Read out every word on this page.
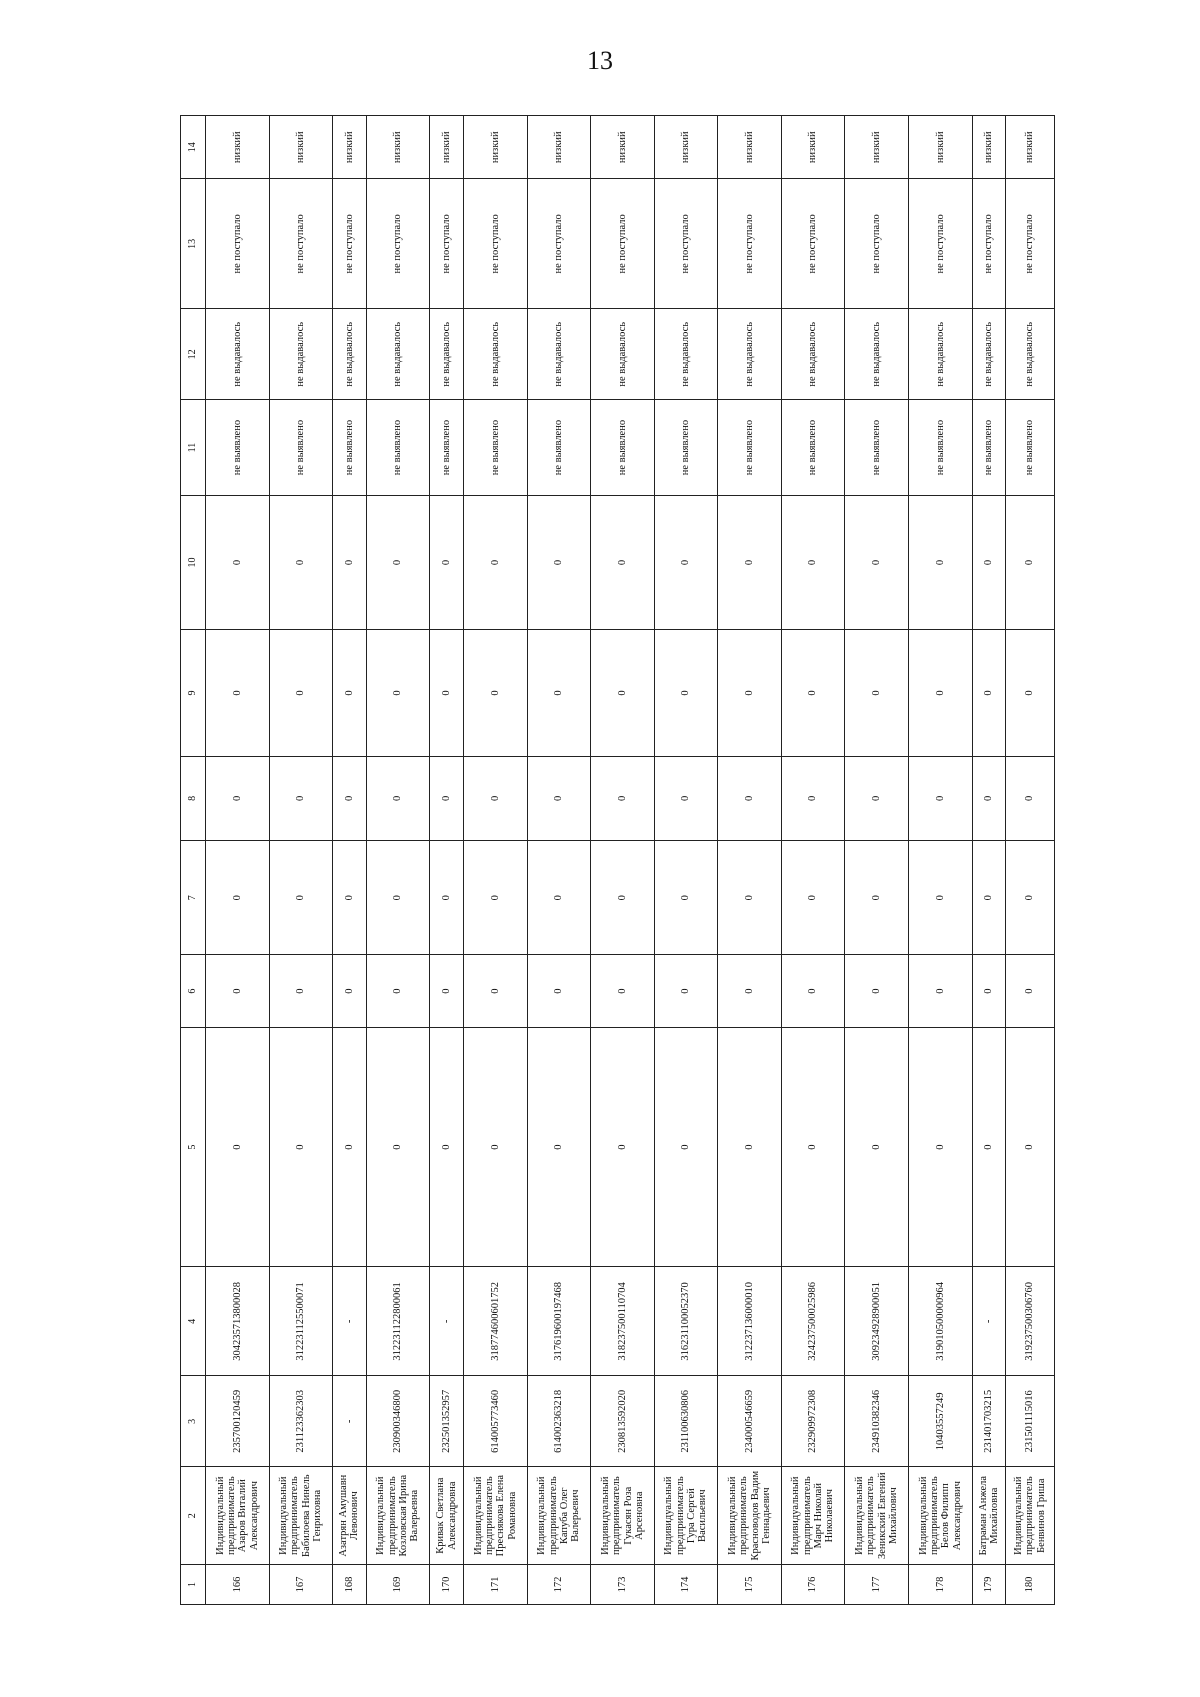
13
1	2	3	4	5	6	7	8	9	10	11	12	13	14
166	Индивидуальный предприниматель Азаров Виталий Александрович	235700120459	304235713800028	0	0	0	0	0	0	не выявлено	не выдавалось	не поступало	низкий
167	Индивидуальный предприниматель Бабилоева Нинель Генриховна	231123362303	312231125500071	0	0	0	0	0	0	не выявлено	не выдавалось	не поступало	низкий
168	Азатрян Амушавн Левонович	-	-	0	0	0	0	0	0	не выявлено	не выдавалось	не поступало	низкий
169	Индивидуальный предприниматель Козловская Ирина Валерьевна	230900346800	312231122800061	0	0	0	0	0	0	не выявлено	не выдавалось	не поступало	низкий
170	Кривак Светлана Александровна	232501352957	-	0	0	0	0	0	0	не выявлено	не выдавалось	не поступало	низкий
171	Индивидуальный предприниматель Преснякова Елена Романовна	614005773460	318774600601752	0	0	0	0	0	0	не выявлено	не выдавалось	не поступало	низкий
172	Индивидуальный предприниматель Капуба Олег Валерьевич	614002363218	317619600197468	0	0	0	0	0	0	не выявлено	не выдавалось	не поступало	низкий
173	Индивидуальный предприниматель Гукасян Роза Арсеновна	230813592020	318237500110704	0	0	0	0	0	0	не выявлено	не выдавалось	не поступало	низкий
174	Индивидуальный предприниматель Гура Сергей Васильевич	231100630806	316231100052370	0	0	0	0	0	0	не выявлено	не выдавалось	не поступало	низкий
175	Индивидуальный предприниматель Красноводов Вадим Геннадьевич	234000546659	312237136000010	0	0	0	0	0	0	не выявлено	не выдавалось	не поступало	низкий
176	Индивидуальный предприниматель Марч Николай Николаевич	232909972308	324237500025986	0	0	0	0	0	0	не выявлено	не выдавалось	не поступало	низкий
177	Индивидуальный предприниматель Зеникский Евгений Михайлович	234910382346	309234928900051	0	0	0	0	0	0	не выявлено	не выдавалось	не поступало	низкий
178	Индивидуальный предприниматель Белов Филипп Александрович	10403557249	319010500000964	0	0	0	0	0	0	не выявлено	не выдавалось	не поступало	низкий
179	Батраман Анжела Михайловна	231401703215	-	0	0	0	0	0	0	не выявлено	не выдавалось	не поступало	низкий
180	Индивидуальный предприниматель Бенвинов Гриша	231501115016	319237500306760	0	0	0	0	0	0	не выявлено	не выдавалось	не поступало	низкий
